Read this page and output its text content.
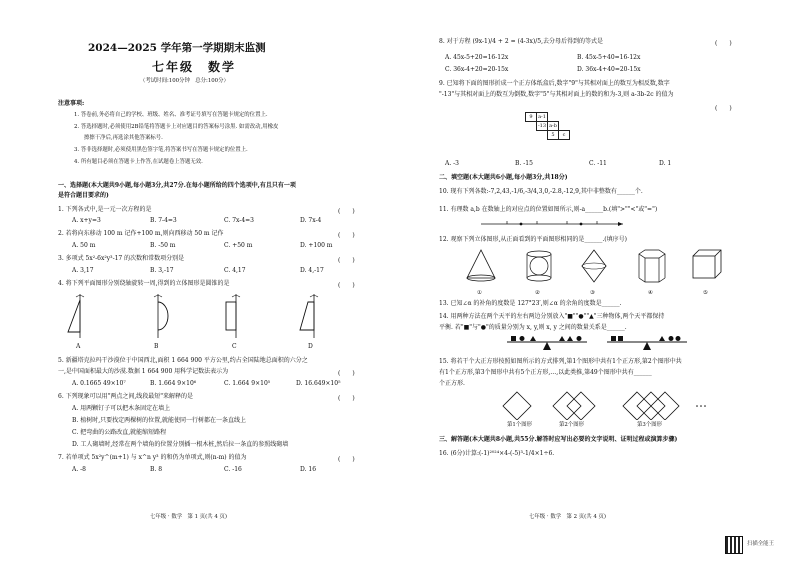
2024—2025 学年第一学期期末监测
七年级　数学
（考试时间:100分钟　总分:100分）
注意事项:
1. 答卷前,务必将自己的学校、班级、姓名、准考证号填写在答题卡规定的位置上.
2. 答选择题时,必须使用2B铅笔将答题卡上对应题目的答案标号涂黑. 如需改动,用橡皮
擦擦干净后,再选涂其他答案标号.
3. 答非选择题时,必须使用黑色签字笔,将答案书写在答题卡规定的位置上.
4. 所有题目必须在答题卡上作答,在试题卷上答题无效.
一、选择题(本大题共9小题,每小题3分,共27分.在每小题所给的四个选项中,有且只有一项
是符合题目要求的)
1. 下列各式中,是一元一次方程的是	(　　)
A. x+y=3	B. 7-4=3	C. 7x-4=3	D. 7x-4
2. 若将向东移动 100 m 记作+100 m,则向西移动 50 m 记作	(　　)
A. 50 m	B. -50 m	C. +50 m	D. +100 m
3. 多项式 5x²-6x²y³-17 的次数和常数项分别是	(　　)
A. 3,17	B. 3,-17	C. 4,17	D. 4,-17
4. 将下列平面图形分别绕轴旋转一周,得到的立体图形是圆锥的是	(　　)
A	B	C	D
5. 新疆塔克拉玛干沙漠位于中国西北,面积 1 664 900 平方公里,约占全国陆地总面积的六分之
一,是中国面积最大的沙漠.数据 1 664 900 用科学记数法表示为	(　　)
A. 0.1665 49×10⁷	B. 1.664 9×10⁶	C. 1.664 9×10⁵	D. 16.649×10⁵
6. 下列现象可以用"两点之间,线段最短"来解释的是	(　　)
A. 用两颗钉子可以把木条固定在墙上
B. 植树时,只要找定两棵树的位置,就能使同一行树都在一条直线上
C. 把弯曲的公路改直,就能缩短路程
D. 工人砌墙时,经常在两个墙角的位置分别插一根木桩,然后拉一条直的参照线砌墙
7. 若单项式 5x²y^(m+1) 与 x^n y³ 的和仍为单项式,则(n-m) 的值为	(　　)
A. -8	B. 8	C. -16	D. 16
七年级 · 数学　第 1 页(共 4 页)
8. 对于方程 (9x-1)/4 + 2 = (4-3x)/5,去分母后得到的等式是	(　　)
A. 45x-5+20=16-12x	B. 45x-5+40=16-12x
C. 36x-4+20=20-15x	D. 36x-4+40=20-15x
9. 已知将下面的图形折成一个正方体纸盒后,数字"9"与其相对面上的数互为相反数,数字
"-13"与其相对面上的数互为倒数,数字"5"与其相对面上的数的和为-3,则 a-3b-2c 的值为
(　　)
9	a-1		
	-13	a-b	
		5	c
A. -3	B. -15	C. -11	D. 1
二、填空题(本大题共6小题,每小题3分,共18分)
10. 现有下列各数:-7,2,43,-1/6,-3/4,3,0,-2.8,-12,9,其中非整数有______个.
11. 有理数 a,b 在数轴上的对应点的位置如图所示,则-a______b.(填">""<"或"=")
12. 观察下列立体图形,从正面看到的平面图形相同的是______.(填序号)
①	②	③	④	⑤
13. 已知∠α 的补角的度数是 127°23′,则∠α 的余角的度数是______.
14. 用两种方法在两个天平的左右两边分别放入"■""●""▲"三种物体,两个天平都保持
平衡. 若"■"与"●"的质量分别为 x, y,则 x, y 之间的数量关系是______.
15. 将若干个大正方形按照如图所示的方式排列,第1个图形中共有1个正方形,第2个图形中共
有1个正方形,第3个图形中共有5个正方形,…,以此类推,第49个图形中共有______
个正方形.
第1个图形	第2个图形	第3个图形
三、解答题(本大题共8小题,共55分.解答时应写出必要的文字说明、证明过程或演算步骤)
16. (6分)计算:(-1)²⁰²⁴×4-(-5)³-1/4×1÷6.
七年级 · 数学　第 2 页(共 4 页)
扫描全能王
